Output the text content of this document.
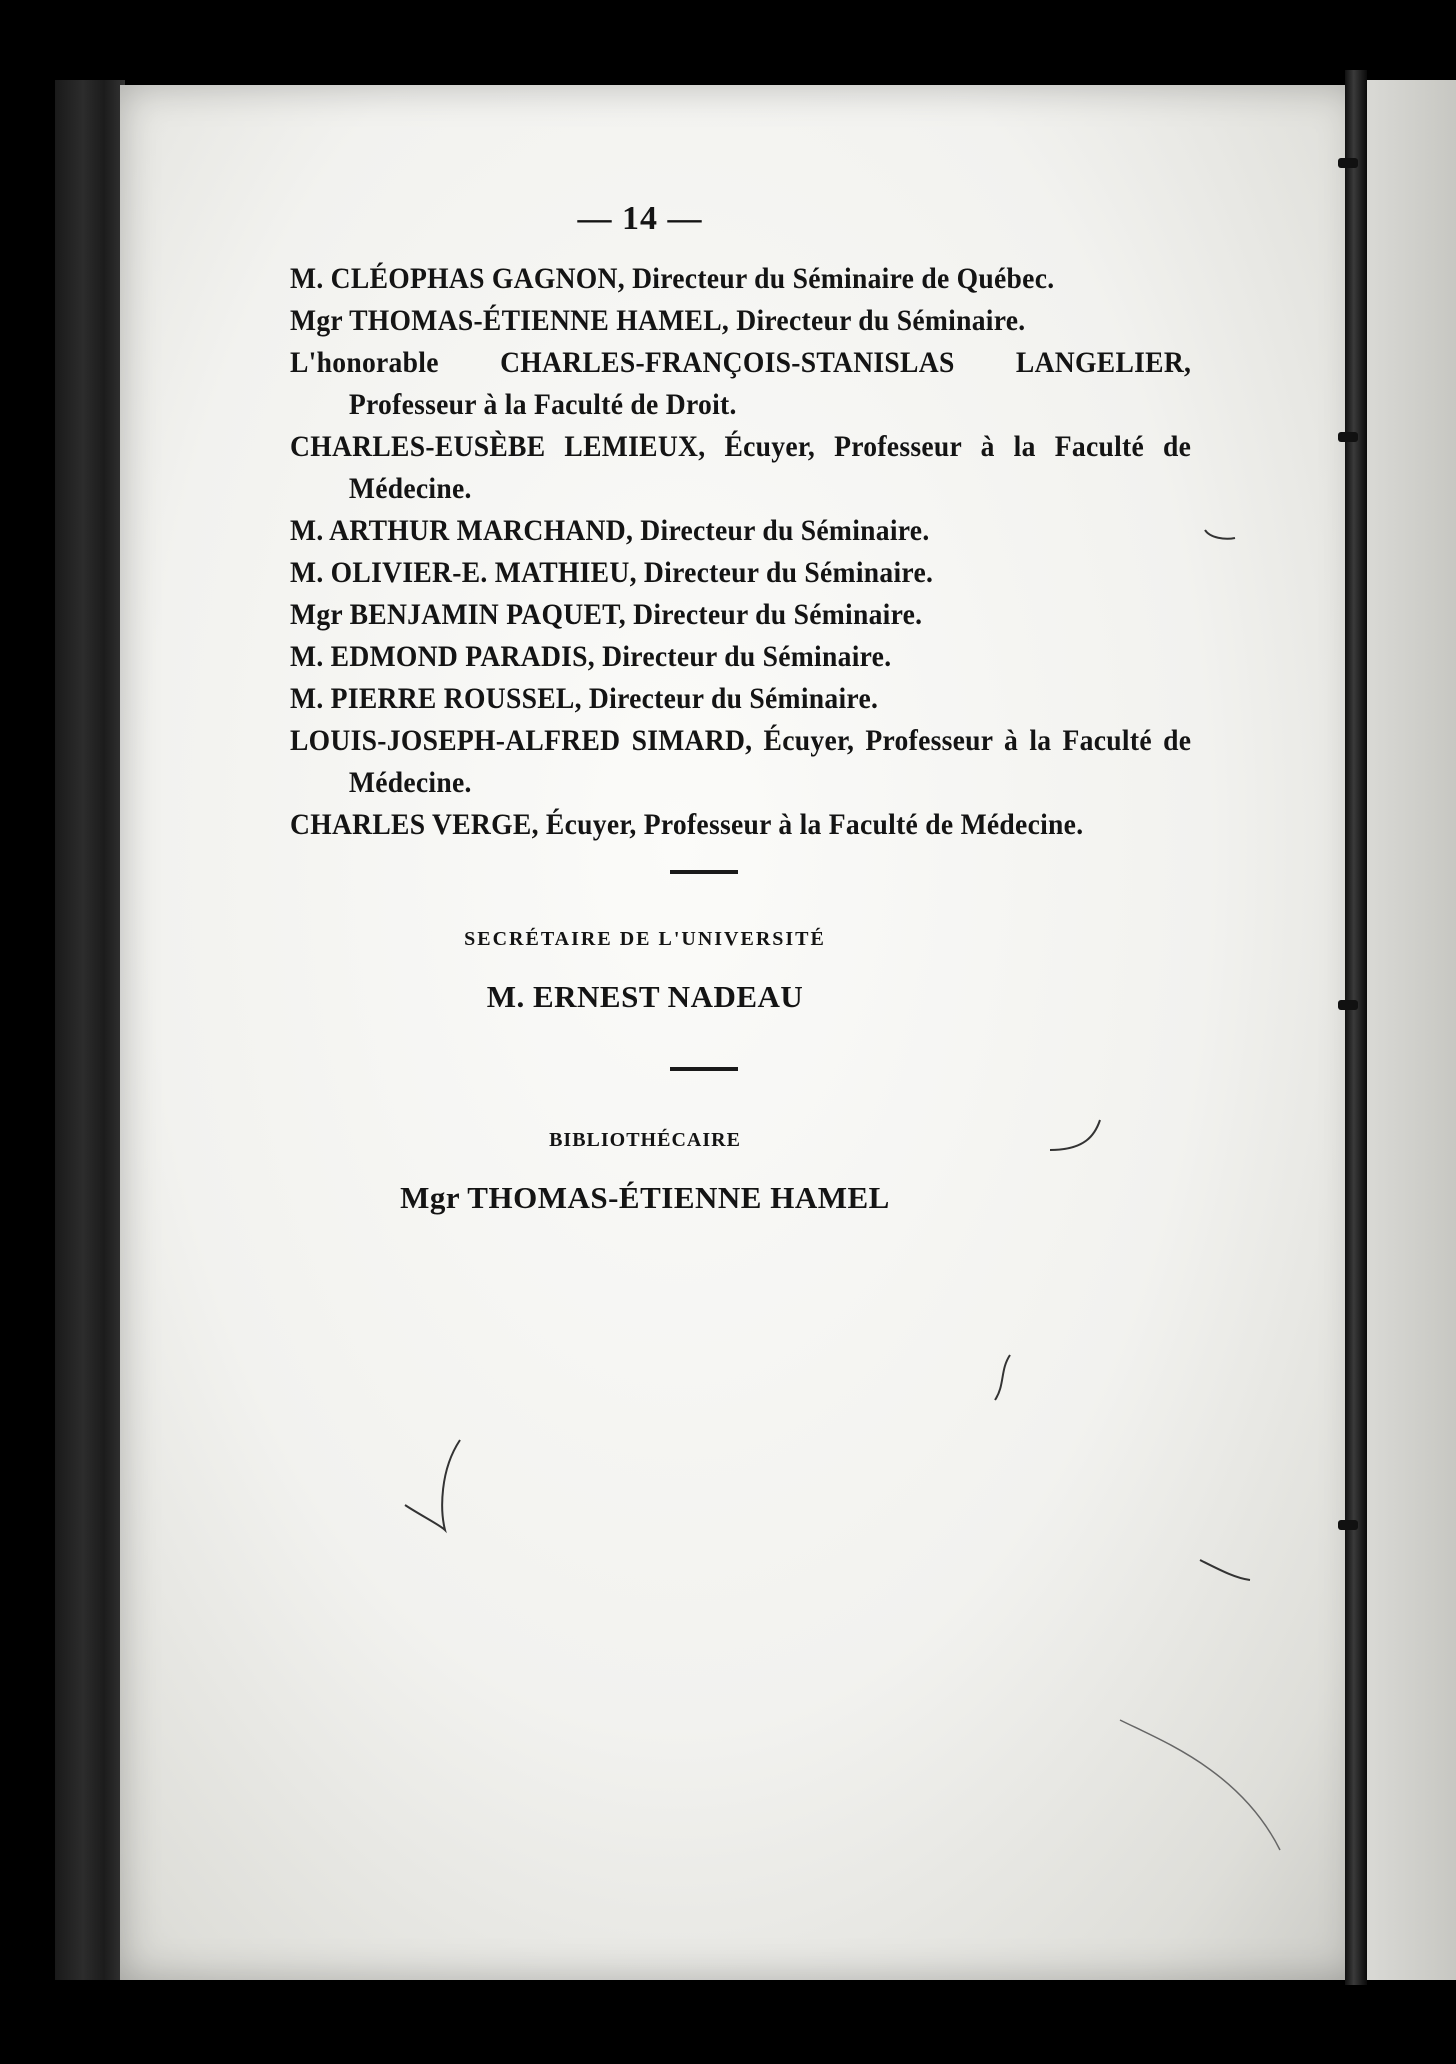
— 14 —
M. CLÉOPHAS GAGNON, Directeur du Séminaire de Québec.
Mgr THOMAS-ÉTIENNE HAMEL, Directeur du Séminaire.
L'honorable CHARLES-FRANÇOIS-STANISLAS LANGELIER, Professeur à la Faculté de Droit.
CHARLES-EUSÈBE LEMIEUX, Écuyer, Professeur à la Faculté de Médecine.
M. ARTHUR MARCHAND, Directeur du Séminaire.
M. OLIVIER-E. MATHIEU, Directeur du Séminaire.
Mgr BENJAMIN PAQUET, Directeur du Séminaire.
M. EDMOND PARADIS, Directeur du Séminaire.
M. PIERRE ROUSSEL, Directeur du Séminaire.
LOUIS-JOSEPH-ALFRED SIMARD, Écuyer, Professeur à la Faculté de Médecine.
CHARLES VERGE, Écuyer, Professeur à la Faculté de Médecine.
SECRÉTAIRE DE L'UNIVERSITÉ
M. ERNEST NADEAU
BIBLIOTHÉCAIRE
Mgr THOMAS-ÉTIENNE HAMEL
